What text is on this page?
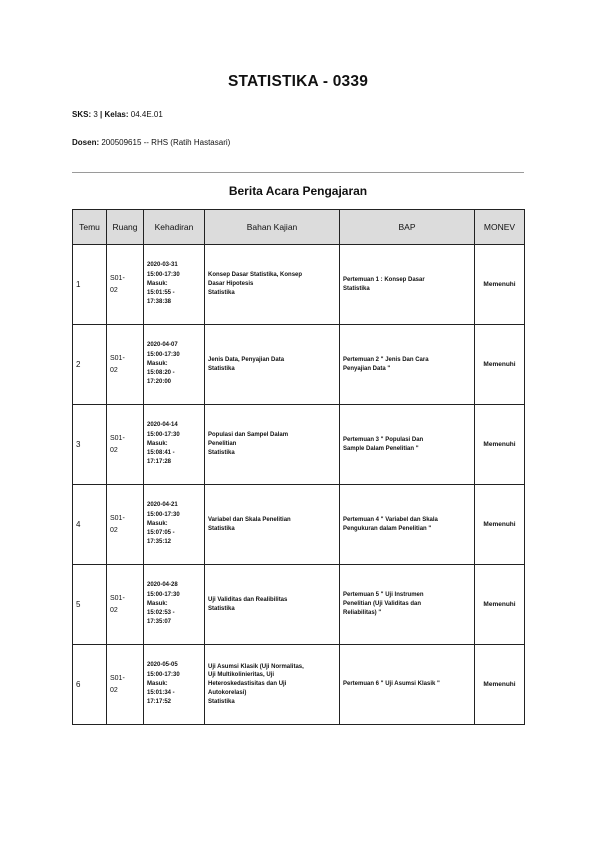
STATISTIKA - 0339
SKS: 3 | Kelas: 04.4E.01
Dosen: 200509615 -- RHS (Ratih Hastasari)
Berita Acara Pengajaran
Temu	Ruang	Kehadiran	Bahan Kajian	BAP	MONEV
1	S01-
02	2020-03-31
15:00-17:30
Masuk:
15:01:55 -
17:38:38	Konsep Dasar Statistika, Konsep
Dasar Hipotesis
Statistika	Pertemuan 1 : Konsep Dasar
Statistika	Memenuhi
2	S01-
02	2020-04-07
15:00-17:30
Masuk:
15:08:20 -
17:20:00	Jenis Data, Penyajian Data
Statistika	Pertemuan 2 " Jenis Dan Cara
Penyajian Data "	Memenuhi
3	S01-
02	2020-04-14
15:00-17:30
Masuk:
15:08:41 -
17:17:28	Populasi dan Sampel Dalam
Penelitian
Statistika	Pertemuan 3 " Populasi Dan
Sample Dalam Penelitian "	Memenuhi
4	S01-
02	2020-04-21
15:00-17:30
Masuk:
15:07:05 -
17:35:12	Variabel dan Skala Penelitian
Statistika	Pertemuan 4 " Variabel dan Skala
Pengukuran dalam Penelitian "	Memenuhi
5	S01-
02	2020-04-28
15:00-17:30
Masuk:
15:02:53 -
17:35:07	Uji Validitas dan Realibilitas
Statistika	Pertemuan 5 " Uji Instrumen
Penelitian (Uji Validitas dan
Reliabilitas) "	Memenuhi
6	S01-
02	2020-05-05
15:00-17:30
Masuk:
15:01:34 -
17:17:52	Uji Asumsi Klasik (Uji Normalitas,
Uji Multikolinieritas, Uji
Heteroskedastisitas dan Uji
Autokorelasi)
Statistika	Pertemuan 6 " Uji Asumsi Klasik "	Memenuhi
